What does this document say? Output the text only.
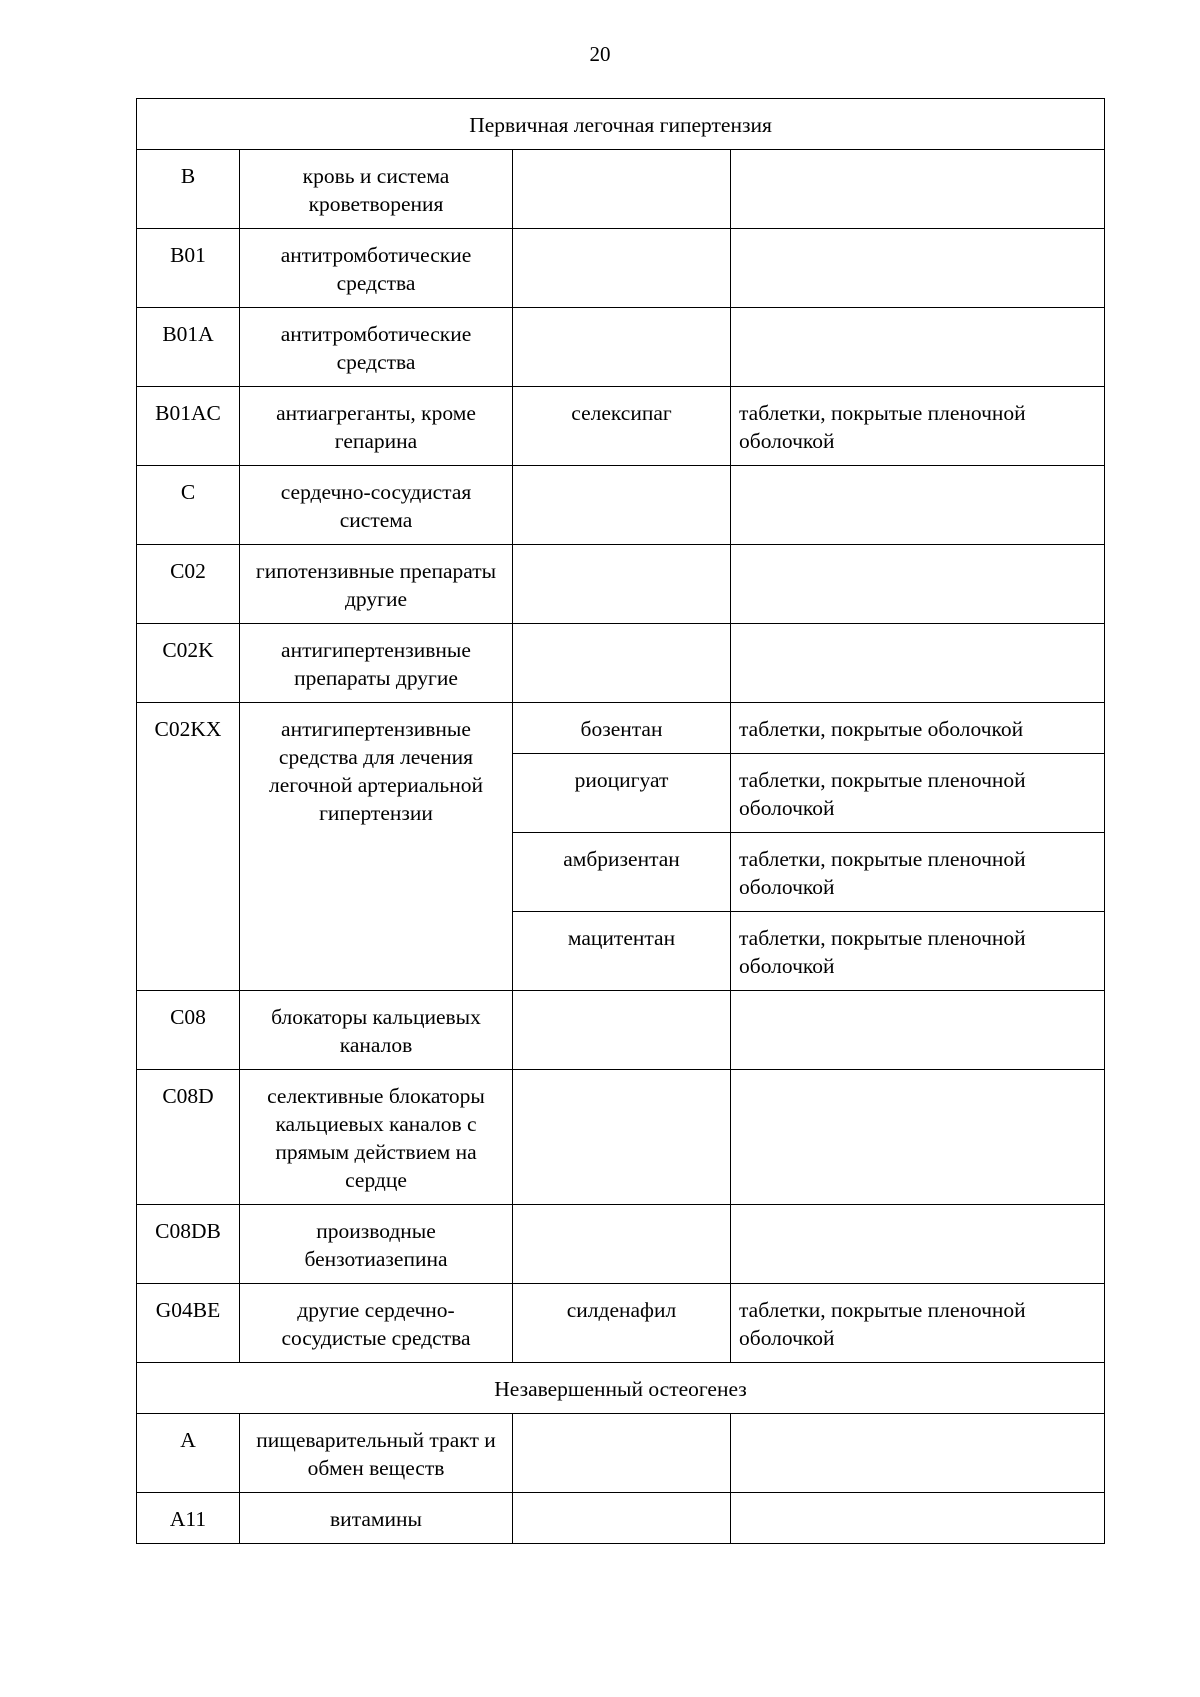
20
Первичная легочная гипертензия			
B	кровь и система кроветворения		
B01	антитромботические средства		
B01A	антитромботические средства		
B01AC	антиагреганты, кроме гепарина	селексипаг	таблетки, покрытые пленочной оболочкой
C	сердечно-сосудистая система		
C02	гипотензивные препараты другие		
C02K	антигипертензивные препараты другие		
C02KX	антигипертензивные средства для лечения легочной артериальной гипертензии	бозентан	таблетки, покрытые оболочкой
		риоцигуат	таблетки, покрытые пленочной оболочкой
		амбризентан	таблетки, покрытые пленочной оболочкой
		мацитентан	таблетки, покрытые пленочной оболочкой
C08	блокаторы кальциевых каналов		
C08D	селективные блокаторы кальциевых каналов с прямым действием на сердце		
C08DB	производные бензотиазепина		
G04BE	другие сердечно-сосудистые средства	силденафил	таблетки, покрытые пленочной оболочкой
Незавершенный остеогенез			
A	пищеварительный тракт и обмен веществ		
A11	витамины		
